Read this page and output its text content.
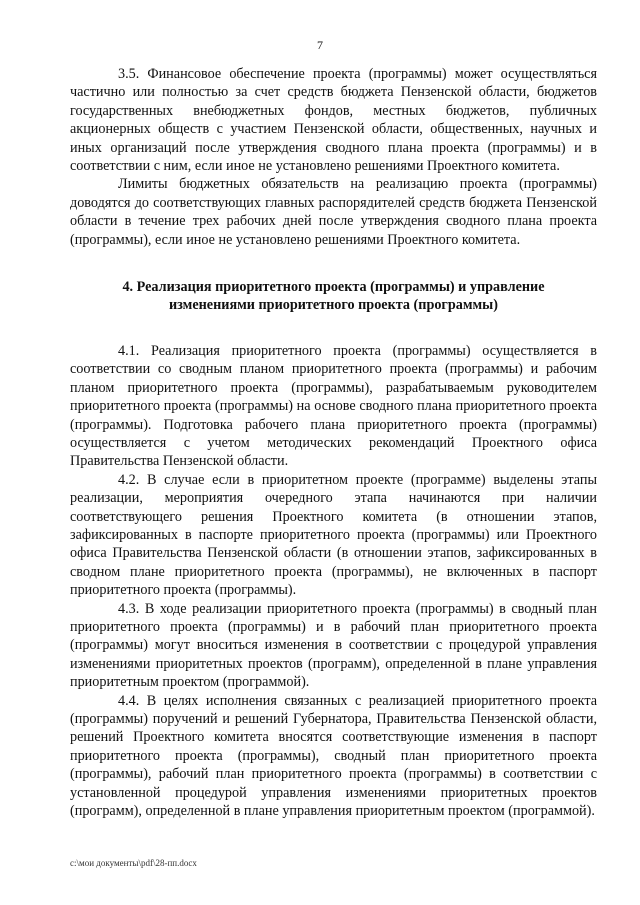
7

3.5. Финансовое обеспечение проекта (программы) может осуществляться частично или полностью за счет средств бюджета Пензенской области, бюджетов государственных внебюджетных фондов, местных бюджетов, публичных акционерных обществ с участием Пензенской области, общественных, научных и иных организаций после утверждения сводного плана проекта (программы) и в соответствии с ним, если иное не установлено решениями Проектного комитета.

Лимиты бюджетных обязательств на реализацию проекта (программы) доводятся до соответствующих главных распорядителей средств бюджета Пензенской области в течение трех рабочих дней после утверждения сводного плана проекта (программы), если иное не установлено решениями Проектного комитета.

4. Реализация приоритетного проекта (программы) и управление изменениями приоритетного проекта (программы)

4.1. Реализация приоритетного проекта (программы) осуществляется в соответствии со сводным планом приоритетного проекта (программы) и рабочим планом приоритетного проекта (программы), разрабатываемым руководителем приоритетного проекта (программы) на основе сводного плана приоритетного проекта (программы). Подготовка рабочего плана приоритетного проекта (программы) осуществляется с учетом методических рекомендаций Проектного офиса Правительства Пензенской области.

4.2. В случае если в приоритетном проекте (программе) выделены этапы реализации, мероприятия очередного этапа начинаются при наличии соответствующего решения Проектного комитета (в отношении этапов, зафиксированных в паспорте приоритетного проекта (программы) или Проектного офиса Правительства Пензенской области (в отношении этапов, зафиксированных в сводном плане приоритетного проекта (программы), не включенных в паспорт приоритетного проекта (программы).

4.3. В ходе реализации приоритетного проекта (программы) в сводный план приоритетного проекта (программы) и в рабочий план приоритетного проекта (программы) могут вноситься изменения в соответствии с процедурой управления изменениями приоритетных проектов (программ), определенной в плане управления приоритетным проектом (программой).

4.4. В целях исполнения связанных с реализацией приоритетного проекта (программы) поручений и решений Губернатора, Правительства Пензенской области, решений Проектного комитета вносятся соответствующие изменения в паспорт приоритетного проекта (программы), сводный план приоритетного проекта (программы), рабочий план приоритетного проекта (программы) в соответствии с установленной процедурой управления изменениями приоритетных проектов (программ), определенной в плане управления приоритетным проектом (программой).

c:\мои документы\pdf\28-пп.docx
